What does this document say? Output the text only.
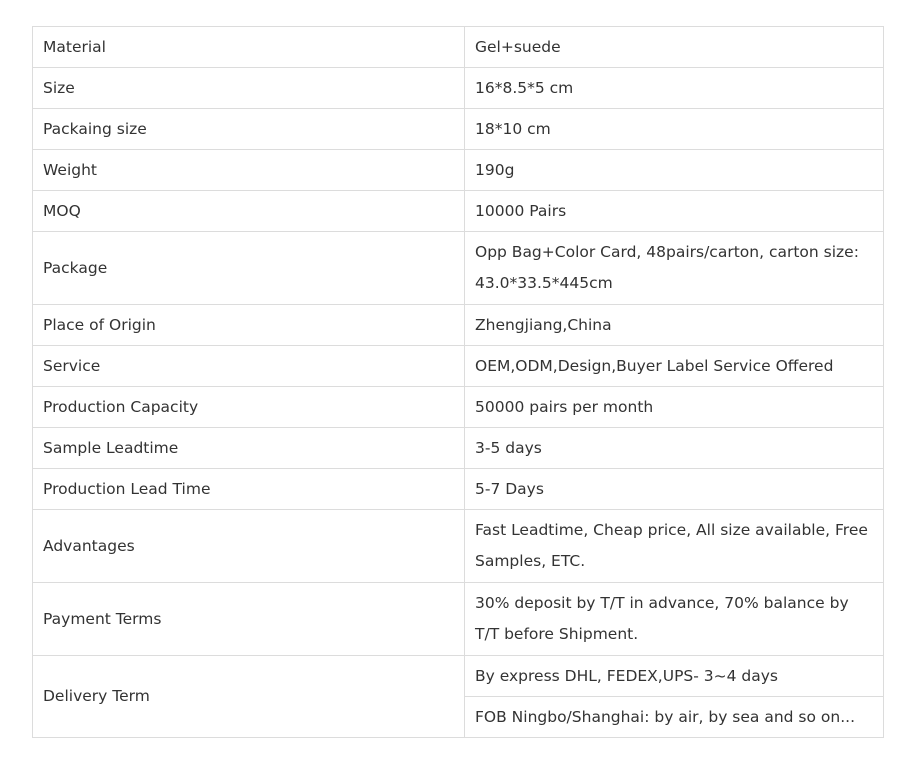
Material	Gel+suede
Size	16*8.5*5 cm
Packaing size	18*10 cm
Weight	190g
MOQ	10000 Pairs
Package	Opp Bag+Color Card, 48pairs/carton, carton size: 43.0*33.5*445cm
Place of Origin	Zhengjiang,China
Service	OEM,ODM,Design,Buyer Label Service Offered
Production Capacity	50000 pairs per month
Sample Leadtime	3-5 days
Production Lead Time	5-7 Days
Advantages	Fast Leadtime, Cheap price, All size available, Free Samples, ETC.
Payment Terms	30% deposit by T/T in advance, 70% balance by T/T before Shipment.
Delivery Term	By express DHL, FEDEX,UPS- 3~4 days
	FOB Ningbo/Shanghai: by air, by sea and so on...
